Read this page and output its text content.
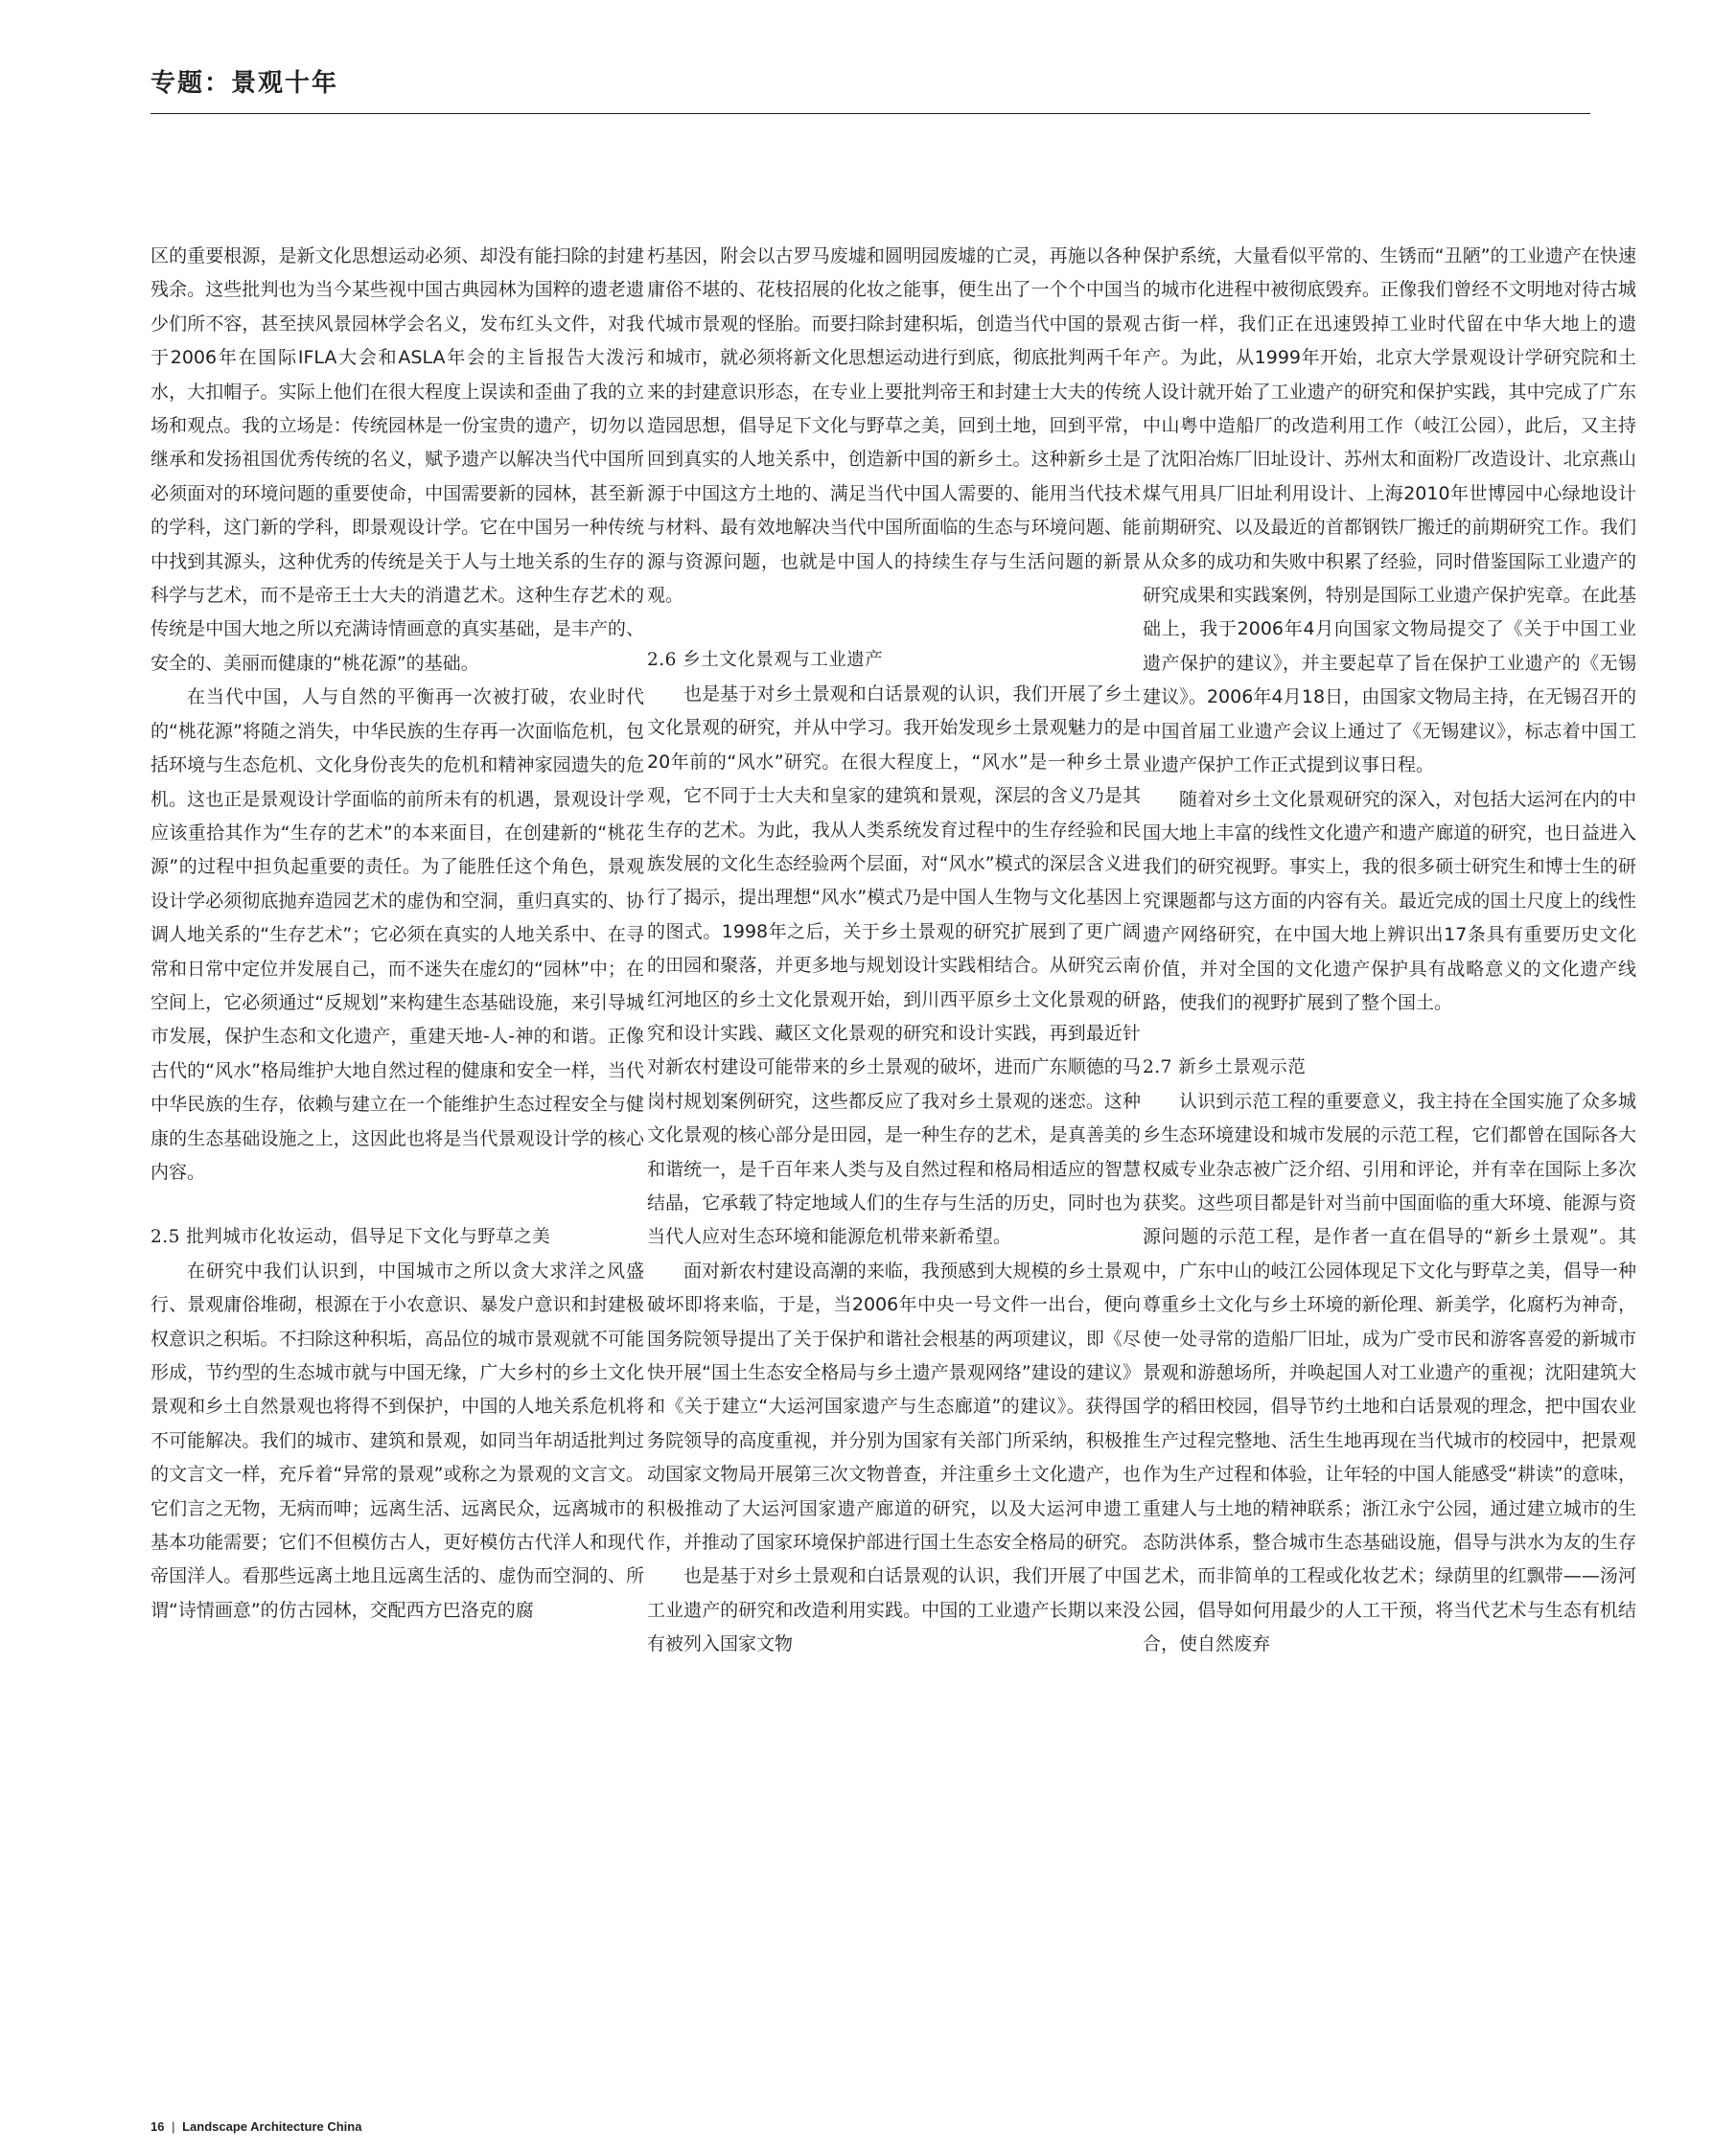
专题：景观十年

区的重要根源，是新文化思想运动必须、却没有能扫除的封建残余。这些批判也为当今某些视中国古典园林为国粹的遗老遗少们所不容，甚至挟风景园林学会名义，发布红头文件，对我于2006年在国际IFLA大会和ASLA年会的主旨报告大泼污水，大扣帽子。实际上他们在很大程度上误读和歪曲了我的立场和观点。我的立场是：传统园林是一份宝贵的遗产，切勿以继承和发扬祖国优秀传统的名义，赋予遗产以解决当代中国所必须面对的环境问题的重要使命，中国需要新的园林，甚至新的学科，这门新的学科，即景观设计学。它在中国另一种传统中找到其源头，这种优秀的传统是关于人与土地关系的生存的科学与艺术，而不是帝王士大夫的消遣艺术。这种生存艺术的传统是中国大地之所以充满诗情画意的真实基础，是丰产的、安全的、美丽而健康的“桃花源”的基础。

在当代中国，人与自然的平衡再一次被打破，农业时代的“桃花源”将随之消失，中华民族的生存再一次面临危机，包括环境与生态危机、文化身份丧失的危机和精神家园遗失的危机。这也正是景观设计学面临的前所未有的机遇，景观设计学应该重拾其作为“生存的艺术”的本来面目，在创建新的“桃花源”的过程中担负起重要的责任。为了能胜任这个角色，景观设计学必须彻底抛弃造园艺术的虚伪和空洞，重归真实的、协调人地关系的“生存艺术”；它必须在真实的人地关系中、在寻常和日常中定位并发展自己，而不迷失在虚幻的“园林”中；在空间上，它必须通过“反规划”来构建生态基础设施，来引导城市发展，保护生态和文化遗产，重建天地-人-神的和谐。正像古代的“风水”格局维护大地自然过程的健康和安全一样，当代中华民族的生存，依赖与建立在一个能维护生态过程安全与健康的生态基础设施之上，这因此也将是当代景观设计学的核心内容。

2.5 批判城市化妆运动，倡导足下文化与野草之美

在研究中我们认识到，中国城市之所以贪大求洋之风盛行、景观庸俗堆砌，根源在于小农意识、暴发户意识和封建极权意识之积垢。不扫除这种积垢，高品位的城市景观就不可能形成，节约型的生态城市就与中国无缘，广大乡村的乡土文化景观和乡土自然景观也将得不到保护，中国的人地关系危机将不可能解决。我们的城市、建筑和景观，如同当年胡适批判过的文言文一样，充斥着“异常的景观”或称之为景观的文言文。它们言之无物，无病而呻；远离生活、远离民众，远离城市的基本功能需要；它们不但模仿古人，更好模仿古代洋人和现代帝国洋人。看那些远离土地且远离生活的、虚伪而空洞的、所谓“诗情画意”的仿古园林，交配西方巴洛克的腐

朽基因，附会以古罗马废墟和圆明园废墟的亡灵，再施以各种庸俗不堪的、花枝招展的化妆之能事，便生出了一个个中国当代城市景观的怪胎。而要扫除封建积垢，创造当代中国的景观和城市，就必须将新文化思想运动进行到底，彻底批判两千年来的封建意识形态，在专业上要批判帝王和封建士大夫的传统造园思想，倡导足下文化与野草之美，回到土地，回到平常，回到真实的人地关系中，创造新中国的新乡土。这种新乡土是源于中国这方土地的、满足当代中国人需要的、能用当代技术与材料、最有效地解决当代中国所面临的生态与环境问题、能源与资源问题，也就是中国人的持续生存与生活问题的新景观。

2.6 乡土文化景观与工业遗产

也是基于对乡土景观和白话景观的认识，我们开展了乡土文化景观的研究，并从中学习。我开始发现乡土景观魅力的是20年前的“风水”研究。在很大程度上，“风水”是一种乡土景观，它不同于士大夫和皇家的建筑和景观，深层的含义乃是其生存的艺术。为此，我从人类系统发育过程中的生存经验和民族发展的文化生态经验两个层面，对“风水”模式的深层含义进行了揭示，提出理想“风水”模式乃是中国人生物与文化基因上的图式。1998年之后，关于乡土景观的研究扩展到了更广阔的田园和聚落，并更多地与规划设计实践相结合。从研究云南红河地区的乡土文化景观开始，到川西平原乡土文化景观的研究和设计实践、藏区文化景观的研究和设计实践，再到最近针对新农村建设可能带来的乡土景观的破坏，进而广东顺德的马岗村规划案例研究，这些都反应了我对乡土景观的迷恋。这种文化景观的核心部分是田园，是一种生存的艺术，是真善美的和谐统一，是千百年来人类与及自然过程和格局相适应的智慧结晶，它承载了特定地域人们的生存与生活的历史，同时也为当代人应对生态环境和能源危机带来新希望。

面对新农村建设高潮的来临，我预感到大规模的乡土景观破坏即将来临，于是，当2006年中央一号文件一出台，便向国务院领导提出了关于保护和谐社会根基的两项建议，即《尽快开展“国土生态安全格局与乡土遗产景观网络”建设的建议》和《关于建立“大运河国家遗产与生态廊道”的建议》。获得国务院领导的高度重视，并分别为国家有关部门所采纳，积极推动国家文物局开展第三次文物普查，并注重乡土文化遗产，也积极推动了大运河国家遗产廊道的研究，以及大运河申遗工作，并推动了国家环境保护部进行国土生态安全格局的研究。

也是基于对乡土景观和白话景观的认识，我们开展了中国工业遗产的研究和改造利用实践。中国的工业遗产长期以来没有被列入国家文物

保护系统，大量看似平常的、生锈而“丑陋”的工业遗产在快速的城市化进程中被彻底毁弃。正像我们曾经不文明地对待古城古街一样，我们正在迅速毁掉工业时代留在中华大地上的遗产。为此，从1999年开始，北京大学景观设计学研究院和土人设计就开始了工业遗产的研究和保护实践，其中完成了广东中山粤中造船厂的改造利用工作（岐江公园），此后，又主持了沈阳冶炼厂旧址设计、苏州太和面粉厂改造设计、北京燕山煤气用具厂旧址利用设计、上海2010年世博园中心绿地设计前期研究、以及最近的首都钢铁厂搬迁的前期研究工作。我们从众多的成功和失败中积累了经验，同时借鉴国际工业遗产的研究成果和实践案例，特别是国际工业遗产保护宪章。在此基础上，我于2006年4月向国家文物局提交了《关于中国工业遗产保护的建议》，并主要起草了旨在保护工业遗产的《无锡建议》。2006年4月18日，由国家文物局主持，在无锡召开的中国首届工业遗产会议上通过了《无锡建议》，标志着中国工业遗产保护工作正式提到议事日程。

随着对乡土文化景观研究的深入，对包括大运河在内的中国大地上丰富的线性文化遗产和遗产廊道的研究，也日益进入我们的研究视野。事实上，我的很多硕士研究生和博士生的研究课题都与这方面的内容有关。最近完成的国土尺度上的线性遗产网络研究，在中国大地上辨识出17条具有重要历史文化价值，并对全国的文化遗产保护具有战略意义的文化遗产线路，使我们的视野扩展到了整个国土。

2.7 新乡土景观示范

认识到示范工程的重要意义，我主持在全国实施了众多城乡生态环境建设和城市发展的示范工程，它们都曾在国际各大权威专业杂志被广泛介绍、引用和评论，并有幸在国际上多次获奖。这些项目都是针对当前中国面临的重大环境、能源与资源问题的示范工程，是作者一直在倡导的“新乡土景观”。其中，广东中山的岐江公园体现足下文化与野草之美，倡导一种尊重乡土文化与乡土环境的新伦理、新美学，化腐朽为神奇，使一处寻常的造船厂旧址，成为广受市民和游客喜爱的新城市景观和游憩场所，并唤起国人对工业遗产的重视；沈阳建筑大学的稻田校园，倡导节约土地和白话景观的理念，把中国农业生产过程完整地、活生生地再现在当代城市的校园中，把景观作为生产过程和体验，让年轻的中国人能感受“耕读”的意味，重建人与土地的精神联系；浙江永宁公园，通过建立城市的生态防洪体系，整合城市生态基础设施，倡导与洪水为友的生存艺术，而非简单的工程或化妆艺术；绿荫里的红飘带——汤河公园，倡导如何用最少的人工干预，将当代艺术与生态有机结合，使自然废弃

16 | Landscape Architecture China
